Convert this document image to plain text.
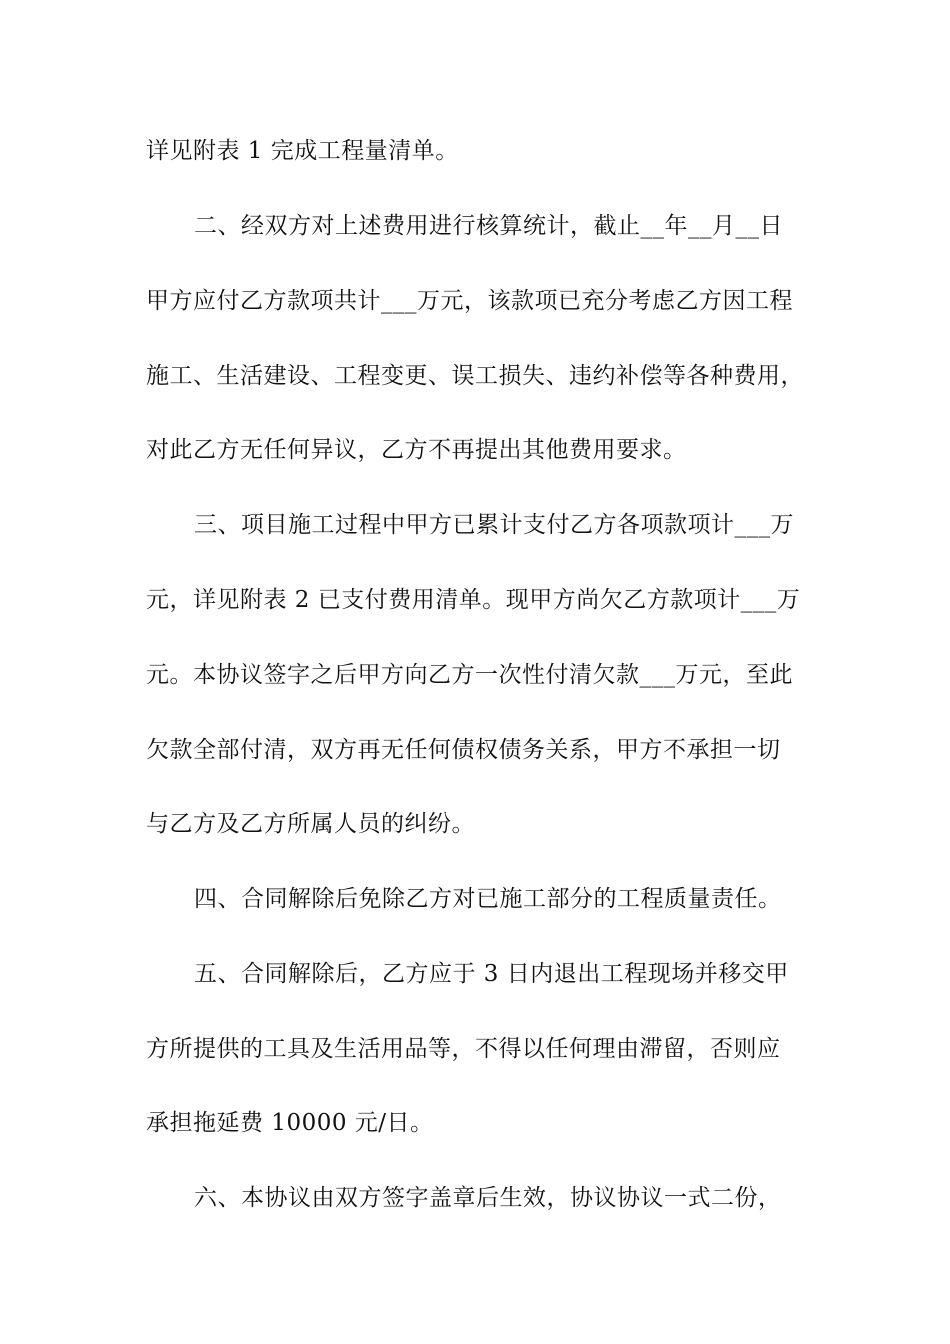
详见附表 1 完成工程量清单。
二、经双方对上述费用进行核算统计，截止__年__月__日
甲方应付乙方款项共计___万元，该款项已充分考虑乙方因工程
施工、生活建设、工程变更、误工损失、违约补偿等各种费用，
对此乙方无任何异议，乙方不再提出其他费用要求。
三、项目施工过程中甲方已累计支付乙方各项款项计___万
元，详见附表 2 已支付费用清单。现甲方尚欠乙方款项计___万
元。本协议签字之后甲方向乙方一次性付清欠款___万元，至此
欠款全部付清，双方再无任何债权债务关系，甲方不承担一切
与乙方及乙方所属人员的纠纷。
四、合同解除后免除乙方对已施工部分的工程质量责任。
五、合同解除后，乙方应于 3 日内退出工程现场并移交甲
方所提供的工具及生活用品等，不得以任何理由滞留，否则应
承担拖延费 10000 元/日。
六、本协议由双方签字盖章后生效，协议协议一式二份，
